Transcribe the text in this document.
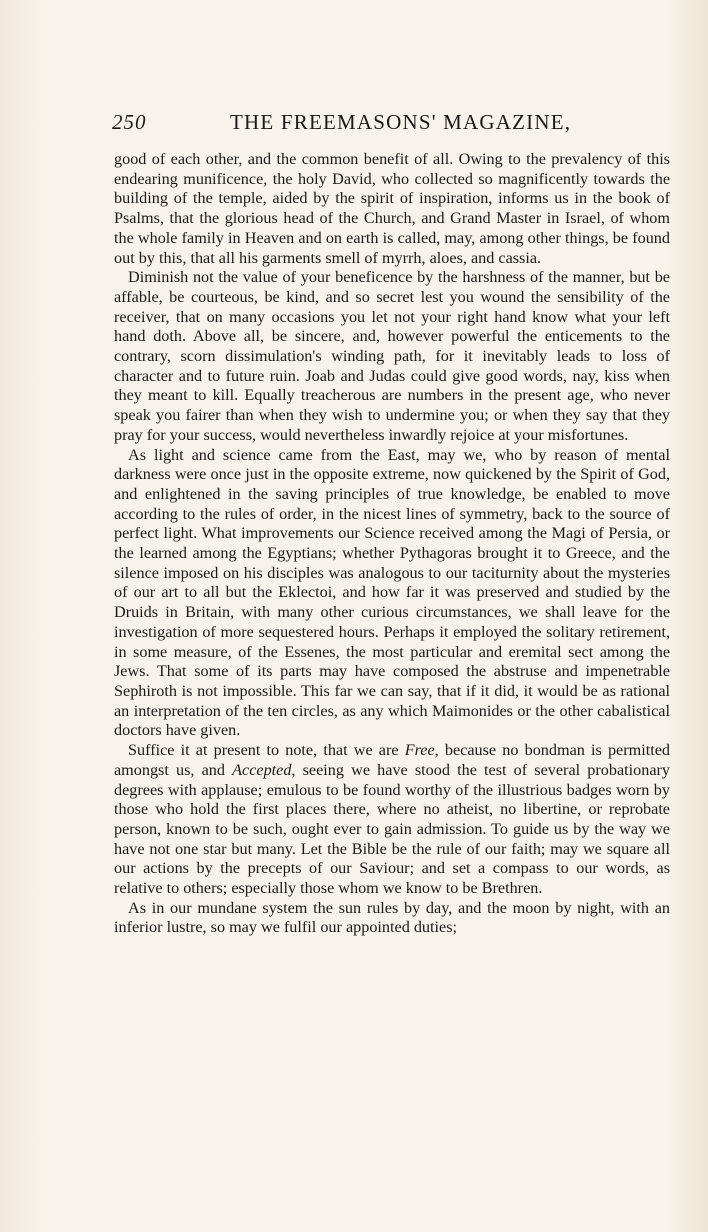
250	THE FREEMASONS' MAGAZINE,

good of each other, and the common benefit of all. Owing to the prevalency of this endearing munificence, the holy David, who collected so magnificently towards the building of the temple, aided by the spirit of inspiration, informs us in the book of Psalms, that the glorious head of the Church, and Grand Master in Israel, of whom the whole family in Heaven and on earth is called, may, among other things, be found out by this, that all his garments smell of myrrh, aloes, and cassia.

Diminish not the value of your beneficence by the harshness of the manner, but be affable, be courteous, be kind, and so secret lest you wound the sensibility of the receiver, that on many occasions you let not your right hand know what your left hand doth. Above all, be sincere, and, however powerful the enticements to the contrary, scorn dissimulation's winding path, for it inevitably leads to loss of character and to future ruin. Joab and Judas could give good words, nay, kiss when they meant to kill. Equally treacherous are numbers in the present age, who never speak you fairer than when they wish to undermine you; or when they say that they pray for your success, would nevertheless inwardly rejoice at your misfortunes.

As light and science came from the East, may we, who by reason of mental darkness were once just in the opposite extreme, now quickened by the Spirit of God, and enlightened in the saving principles of true knowledge, be enabled to move according to the rules of order, in the nicest lines of symmetry, back to the source of perfect light. What improvements our Science received among the Magi of Persia, or the learned among the Egyptians; whether Pythagoras brought it to Greece, and the silence imposed on his disciples was analogous to our taciturnity about the mysteries of our art to all but the Eklectoi, and how far it was preserved and studied by the Druids in Britain, with many other curious circumstances, we shall leave for the investigation of more sequestered hours. Perhaps it employed the solitary retirement, in some measure, of the Essenes, the most particular and eremital sect among the Jews. That some of its parts may have composed the abstruse and impenetrable Sephiroth is not impossible. This far we can say, that if it did, it would be as rational an interpretation of the ten circles, as any which Maimonides or the other cabalistical doctors have given.

Suffice it at present to note, that we are Free, because no bondman is permitted amongst us, and Accepted, seeing we have stood the test of several probationary degrees with applause; emulous to be found worthy of the illustrious badges worn by those who hold the first places there, where no atheist, no libertine, or reprobate person, known to be such, ought ever to gain admission. To guide us by the way we have not one star but many. Let the Bible be the rule of our faith; may we square all our actions by the precepts of our Saviour; and set a compass to our words, as relative to others; especially those whom we know to be Brethren.

As in our mundane system the sun rules by day, and the moon by night, with an inferior lustre, so may we fulfil our appointed duties;
